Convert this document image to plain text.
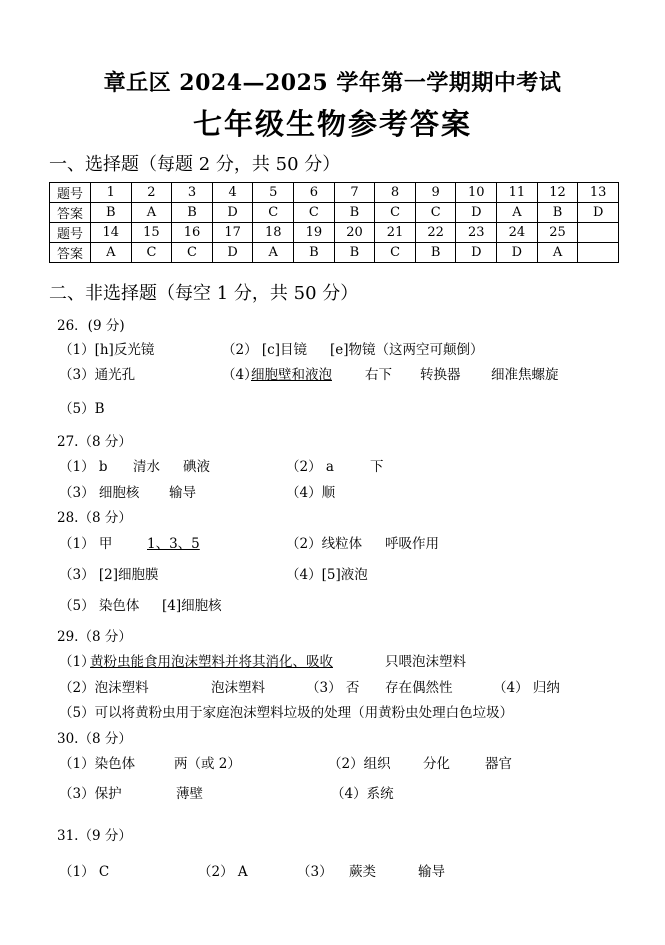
章丘区 2024—2025 学年第一学期期中考试
七年级生物参考答案
一、选择题（每题 2 分，共 50 分）
题号	1	2	3	4	5	6	7	8	9	10	11	12	13
答案	B	A	B	D	C	C	B	C	C	D	A	B	D
题号	14	15	16	17	18	19	20	21	22	23	24	25	
答案	A	C	C	D	A	B	B	C	B	D	D	A	
二、非选择题（每空 1 分，共 50 分）
26．(9 分)
（1）[h]反光镜	（2） [c]目镜 [e]物镜（这两空可颠倒）
（3）通光孔	（4）
细胞壁和液泡 右下 转换器 细准焦螺旋
（5）B
27.（8 分）
（1） b 清水 碘液	（2） a	下
（3） 细胞核 输导	（4）顺
28.（8 分）
（1） 甲	1、3、5	（2）线粒体 呼吸作用
（3） [2]细胞膜	（4）[5]液泡
（5） 染色体 [4]细胞核
29.（8 分）
（1）
黄粉虫能食用泡沫塑料并将其消化、吸收	只喂泡沫塑料
（2）泡沫塑料	泡沫塑料	（3） 否 存在偶然性	（4） 归纳
（5）可以将黄粉虫用于家庭泡沫塑料垃圾的处理（用黄粉虫处理白色垃圾）
30.（8 分）
（1）染色体	两（或 2）	（2）组织 分化	器官
（3）保护	薄壁	（4）系统
31.（9 分）
（1） C	（2） A	（3） 蕨类	输导
